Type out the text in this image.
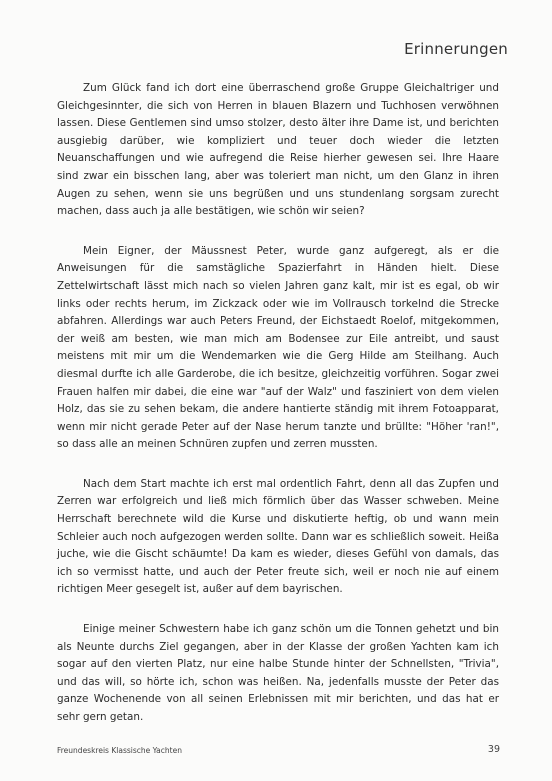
Erinnerungen

Zum Glück fand ich dort eine überraschend große Gruppe Gleichaltriger und Gleichgesinnter, die sich von Herren in blauen Blazern und Tuchhosen verwöhnen lassen. Diese Gentlemen sind umso stolzer, desto älter ihre Dame ist, und berichten ausgiebig darüber, wie kompliziert und teuer doch wieder die letzten Neuanschaffungen und wie aufregend die Reise hierher gewesen sei. Ihre Haare sind zwar ein bisschen lang, aber was toleriert man nicht, um den Glanz in ihren Augen zu sehen, wenn sie uns begrüßen und uns stundenlang sorgsam zurecht machen, dass auch ja alle bestätigen, wie schön wir seien?

Mein Eigner, der Mäussnest Peter, wurde ganz aufgeregt, als er die Anweisungen für die samstägliche Spazierfahrt in Händen hielt. Diese Zettelwirtschaft lässt mich nach so vielen Jahren ganz kalt, mir ist es egal, ob wir links oder rechts herum, im Zickzack oder wie im Vollrausch torkelnd die Strecke abfahren. Allerdings war auch Peters Freund, der Eichstaedt Roelof, mitgekommen, der weiß am besten, wie man mich am Bodensee zur Eile antreibt, und saust meistens mit mir um die Wendemarken wie die Gerg Hilde am Steilhang. Auch diesmal durfte ich alle Garderobe, die ich besitze, gleichzeitig vorführen. Sogar zwei Frauen halfen mir dabei, die eine war "auf der Walz" und fasziniert von dem vielen Holz, das sie zu sehen bekam, die andere hantierte ständig mit ihrem Fotoapparat, wenn mir nicht gerade Peter auf der Nase herum tanzte und brüllte: "Höher 'ran!", so dass alle an meinen Schnüren zupfen und zerren mussten.

Nach dem Start machte ich erst mal ordentlich Fahrt, denn all das Zupfen und Zerren war erfolgreich und ließ mich förmlich über das Wasser schweben. Meine Herrschaft berechnete wild die Kurse und diskutierte heftig, ob und wann mein Schleier auch noch aufgezogen werden sollte. Dann war es schließlich soweit. Heißa juche, wie die Gischt schäumte! Da kam es wieder, dieses Gefühl von damals, das ich so vermisst hatte, und auch der Peter freute sich, weil er noch nie auf einem richtigen Meer gesegelt ist, außer auf dem bayrischen.

Einige meiner Schwestern habe ich ganz schön um die Tonnen gehetzt und bin als Neunte durchs Ziel gegangen, aber in der Klasse der großen Yachten kam ich sogar auf den vierten Platz, nur eine halbe Stunde hinter der Schnellsten, "Trivia", und das will, so hörte ich, schon was heißen. Na, jedenfalls musste der Peter das ganze Wochenende von all seinen Erlebnissen mit mir berichten, und das hat er sehr gern getan.

Freundeskreis Klassische Yachten	39
